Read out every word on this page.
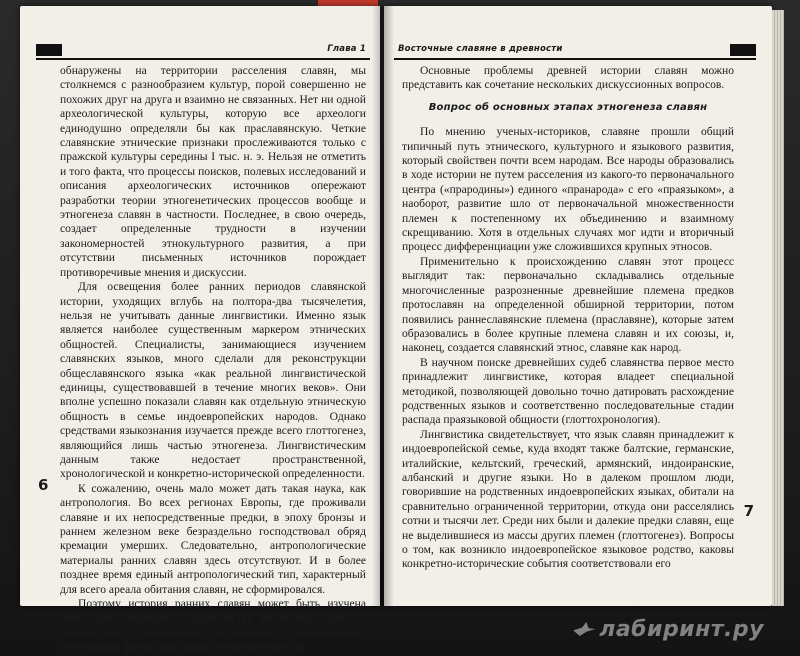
Глава 1

обнаружены на территории расселения славян, мы столкнемся с разнообразием культур, порой совершенно не похожих друг на друга и взаимно не связанных. Нет ни одной археологической культуры, которую все археологи единодушно определяли бы как праславянскую. Четкие славянские этнические признаки прослеживаются только с пражской культуры середины I тыс. н. э. Нельзя не отметить и того факта, что процессы поисков, полевых исследований и описания археологических источников опережают разработки теории этногенетических процессов вообще и этногенеза славян в частности. Последнее, в свою очередь, создает определенные трудности в изучении закономерностей этнокультурного развития, а при отсутствии письменных источников порождает противоречивые мнения и дискуссии.

Для освещения более ранних периодов славянской истории, уходящих вглубь на полтора-два тысячелетия, нельзя не учитывать данные лингвистики. Именно язык является наиболее существенным маркером этнических общностей. Специалисты, занимающиеся изучением славянских языков, много сделали для реконструкции общеславянского языка «как реальной лингвистической единицы, существовавшей в течение многих веков». Они вполне успешно показали славян как отдельную этническую общность в семье индоевропейских народов. Однако средствами языкознания изучается прежде всего глоттогенез, являющийся лишь частью этногенеза. Лингвистическим данным также недостает пространственной, хронологической и конкретно-исторической определенности.

К сожалению, очень мало может дать такая наука, как антропология. Во всех регионах Европы, где проживали славяне и их непосредственные предки, в эпоху бронзы и раннем железном веке безраздельно господствовал обряд кремации умерших. Следовательно, антропологические материалы ранних славян здесь отсутствуют. И в более позднее время единый антропологический тип, характерный для всего ареала обитания славян, не сформировался.

Поэтому история ранних славян может быть изучена лишь при широком сотрудничестве различных наук — лингвистики, ономастики, археологии, антропологии, этнографии, фольклористики, климатологии и др.

6
Восточные славяне в древности

Основные проблемы древней истории славян можно представить как сочетание нескольких дискуссионных вопросов.

Вопрос об основных этапах этногенеза славян

По мнению ученых-историков, славяне прошли общий типичный путь этнического, культурного и языкового развития, который свойствен почти всем народам. Все народы образовались в ходе истории не путем расселения из какого-то первоначального центра («прародины») единого «пранарода» с его «праязыком», а наоборот, развитие шло от первоначальной множественности племен к постепенному их объединению и взаимному скрещиванию. Хотя в отдельных случаях мог идти и вторичный процесс дифференциации уже сложившихся крупных этносов.

Применительно к происхождению славян этот процесс выглядит так: первоначально складывались отдельные многочисленные разрозненные древнейшие племена предков протославян на определенной обширной территории, потом появились раннеславянские племена (праславяне), которые затем образовались в более крупные племена славян и их союзы, и, наконец, создается славянский этнос, славяне как народ.

В научном поиске древнейших судеб славянства первое место принадлежит лингвистике, которая владеет специальной методикой, позволяющей довольно точно датировать расхождение родственных языков и соответственно последовательные стадии распада праязыковой общности (глоттохронология).

Лингвистика свидетельствует, что язык славян принадлежит к индоевропейской семье, куда входят также балтские, германские, италийские, кельтский, греческий, армянский, индоиранские, албанский и другие языки. Но в далеком прошлом люди, говорившие на родственных индоевропейских языках, обитали на сравнительно ограниченной территории, откуда они расселялись сотни и тысячи лет. Среди них были и далекие предки славян, еще не выделившиеся из массы других племен (глоттогенез). Вопросы о том, как возникло индоевропейское языковое родство, каковы конкретно-исторические события соответствовали его

7
лабиринт.ру
